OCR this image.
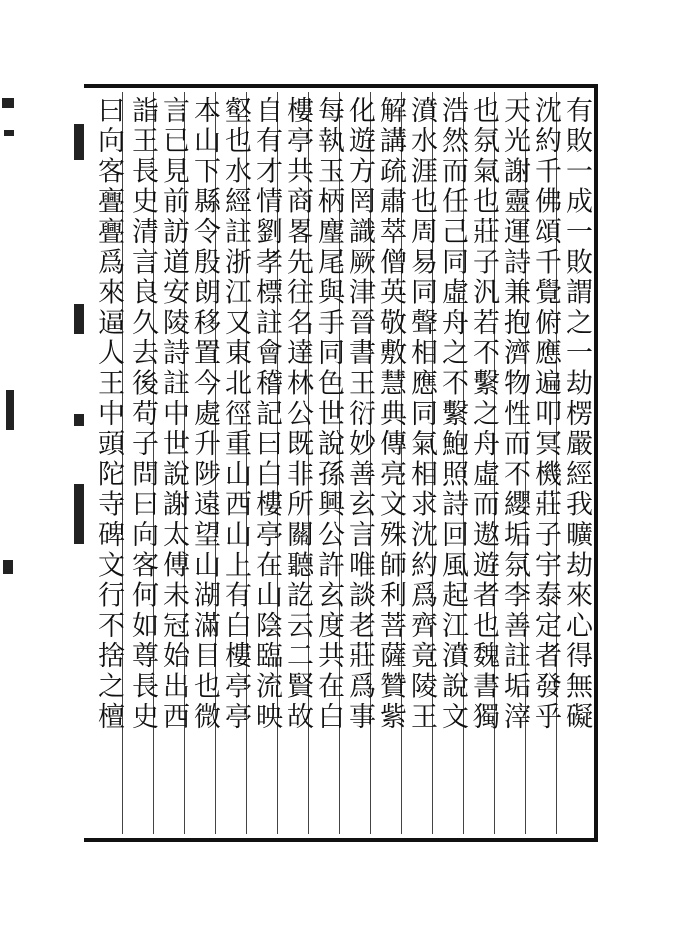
有敗一成一敗謂之一劫楞嚴經我曠劫來心得無礙
沈約千佛頌千覺俯應遍叩冥機莊子宇泰定者發乎
天光謝靈運詩兼抱濟物性而不纓垢氛李善註垢滓
也氛氣也莊子汎若不繫之舟虛而遨遊者也魏書獨
浩然而任己同虛舟之不繫鮑照詩回風起江濆說文
濆水涯也周易同聲相應同氣相求沈約爲齊竟陵王
解講疏肅萃僧英敬敷慧典傳亮文殊師利菩薩贊紫
化遊方罔識厥津晉書王衍妙善玄言唯談老莊爲事
每執玉柄麈尾與手同色世說孫興公許玄度共在白
樓亭共商畧先往名達林公既非所關聽訖云二賢故
自有才情劉孝標註會稽記曰白樓亭在山陰臨流映
壑也水經註浙江又東北徑重山西山上有白樓亭亭
本山下縣令殷朗移置今處升陟遠望山湖滿目也微
言已見前訪道安陵詩註中世說謝太傅未冠始出西
詣王長史清言良久去後苟子問曰向客何如尊長史
曰向客亹亹爲來逼人王中頭陀寺碑文行不捨之檀
